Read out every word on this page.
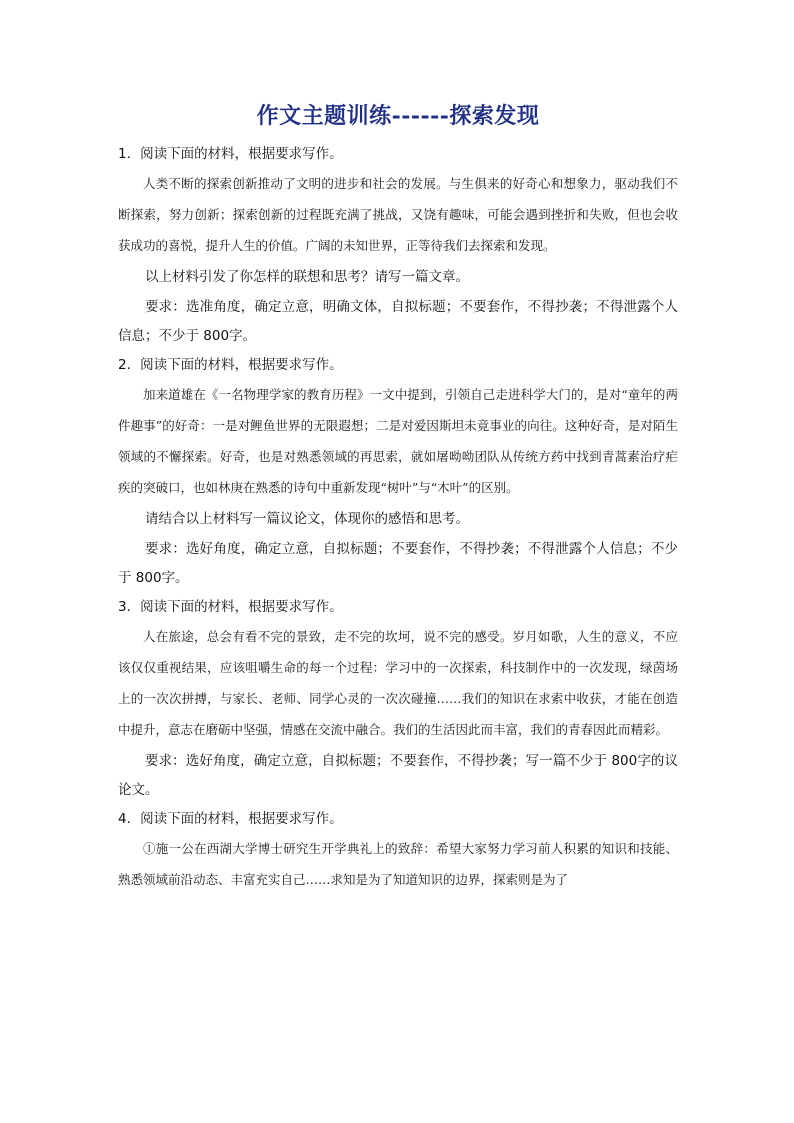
作文主题训练------探索发现

1．阅读下面的材料，根据要求写作。

人类不断的探索创新推动了文明的进步和社会的发展。与生俱来的好奇心和想象力，驱动我们不断探索，努力创新；探索创新的过程既充满了挑战，又饶有趣味，可能会遇到挫折和失败，但也会收获成功的喜悦，提升人生的价值。广阔的未知世界，正等待我们去探索和发现。

以上材料引发了你怎样的联想和思考？请写一篇文章。

要求：选准角度，确定立意，明确文体，自拟标题；不要套作，不得抄袭；不得泄露个人信息；不少于 800字。

2．阅读下面的材料，根据要求写作。

加来道雄在《一名物理学家的教育历程》一文中提到，引领自己走进科学大门的，是对“童年的两件趣事”的好奇：一是对鲤鱼世界的无限遐想；二是对爱因斯坦未竟事业的向往。这种好奇，是对陌生领域的不懈探索。好奇，也是对熟悉领域的再思索，就如屠呦呦团队从传统方药中找到青蒿素治疗疟疾的突破口，也如林庚在熟悉的诗句中重新发现“树叶”与“木叶”的区别。

请结合以上材料写一篇议论文，体现你的感悟和思考。

要求：选好角度，确定立意，自拟标题；不要套作，不得抄袭；不得泄露个人信息；不少于 800字。

3．阅读下面的材料，根据要求写作。

人在旅途，总会有看不完的景致，走不完的坎坷，说不完的感受。岁月如歌，人生的意义，不应该仅仅重视结果，应该咀嚼生命的每一个过程：学习中的一次探索，科技制作中的一次发现，绿茵场上的一次次拼搏，与家长、老师、同学心灵的一次次碰撞……我们的知识在求索中收获，才能在创造中提升，意志在磨砺中坚强，情感在交流中融合。我们的生活因此而丰富，我们的青春因此而精彩。

要求：选好角度，确定立意，自拟标题；不要套作，不得抄袭；写一篇不少于 800字的议论文。

4．阅读下面的材料，根据要求写作。

①施一公在西湖大学博士研究生开学典礼上的致辞：希望大家努力学习前人积累的知识和技能、熟悉领域前沿动态、丰富充实自己……求知是为了知道知识的边界，探索则是为了
